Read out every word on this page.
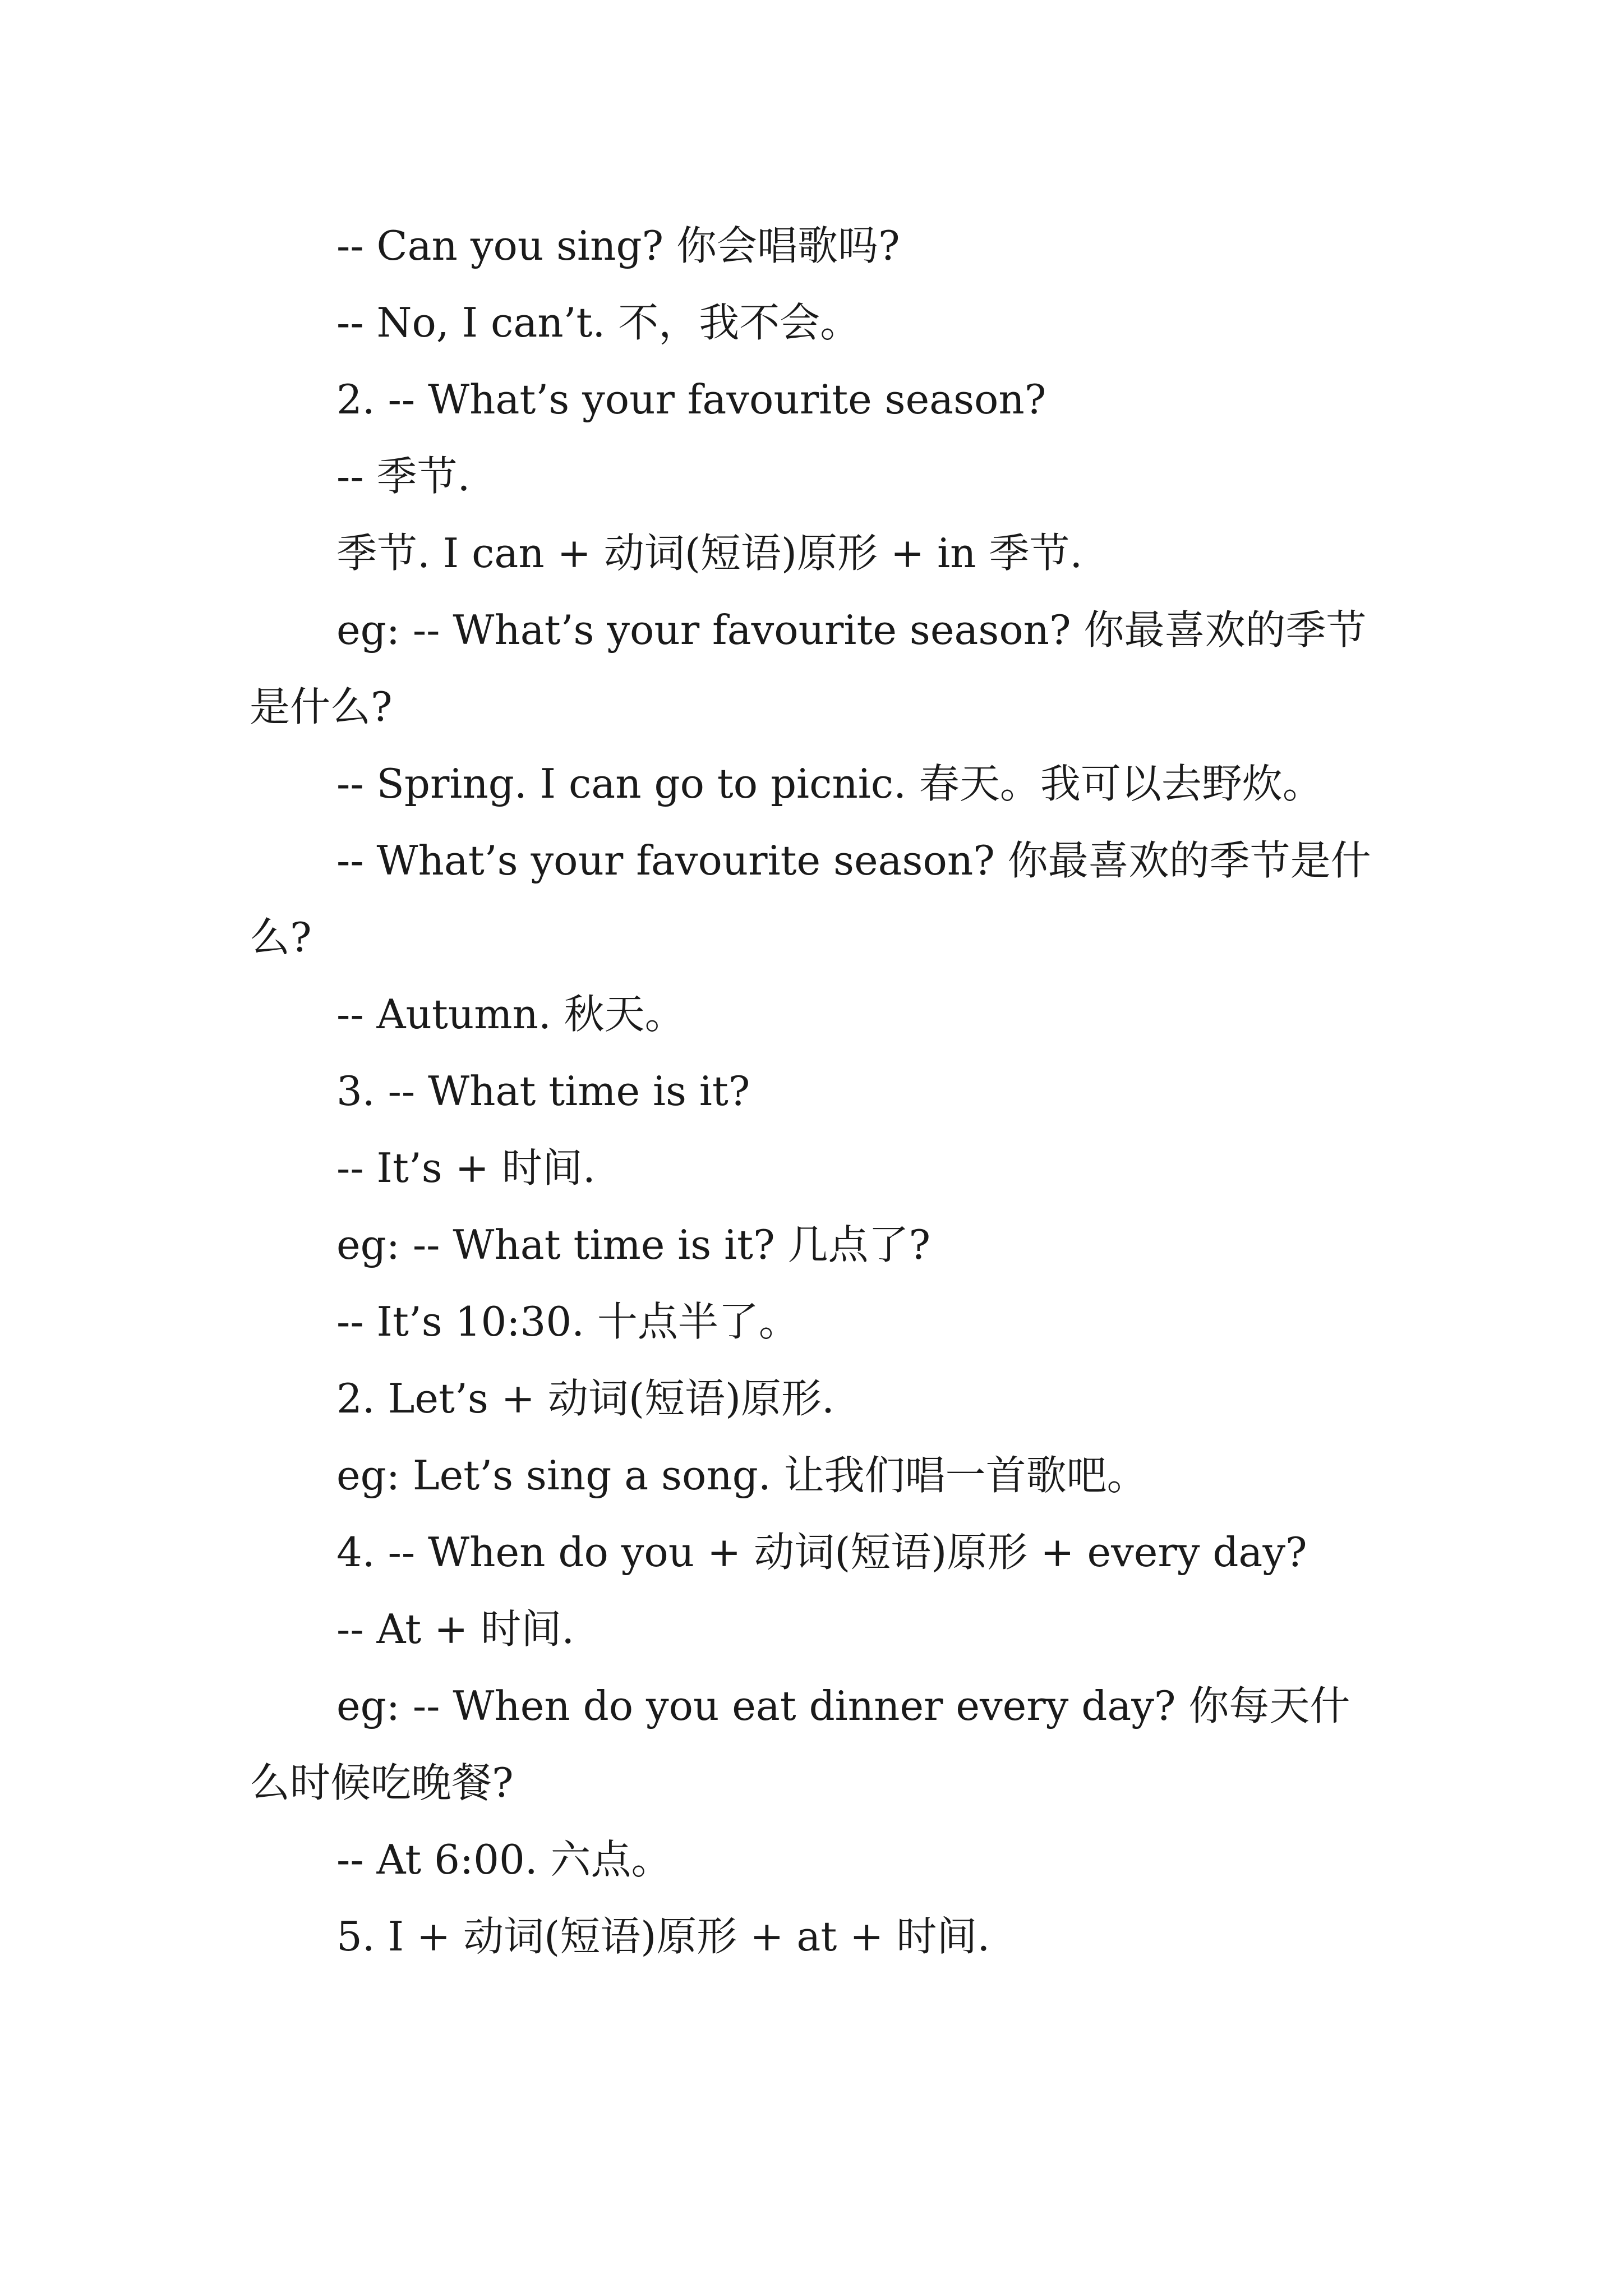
-- Can you sing? 你会唱歌吗?

-- No, I can’t. 不，我不会。

2. -- What’s your favourite season?

-- 季节.

季节. I can + 动词(短语)原形 + in 季节.

eg: -- What’s your favourite season? 你最喜欢的季节是什么?

-- Spring. I can go to picnic. 春天。我可以去野炊。

-- What’s your favourite season? 你最喜欢的季节是什么?

-- Autumn. 秋天。

3. -- What time is it?

-- It’s + 时间.

eg: -- What time is it? 几点了?

-- It’s 10:30. 十点半了。

2. Let’s + 动词(短语)原形.

eg: Let’s sing a song. 让我们唱一首歌吧。

4. -- When do you + 动词(短语)原形 + every day?

-- At + 时间.

eg: -- When do you eat dinner every day? 你每天什么时候吃晚餐?

-- At 6:00. 六点。

5. I + 动词(短语)原形 + at + 时间.
